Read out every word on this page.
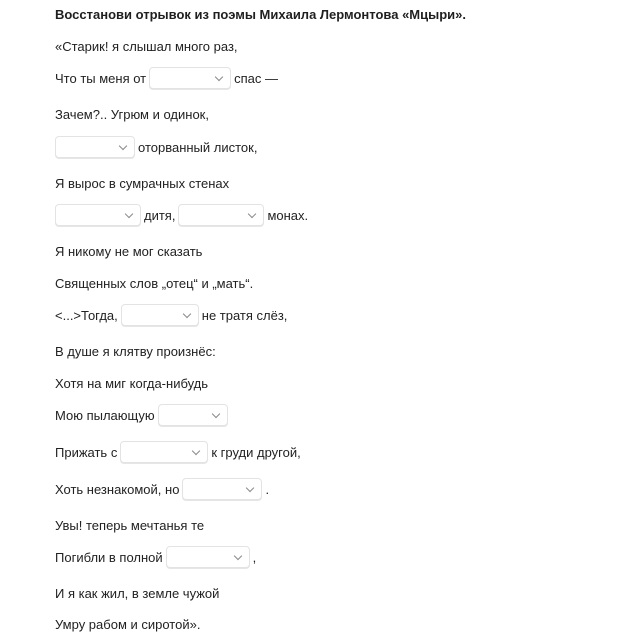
Восстанови отрывок из поэмы Михаила Лермонтова «Мцыри».
«Старик! я слышал много раз,
Что ты меня от	спас —
Зачем?.. Угрюм и одинок,
оторванный листок,
Я вырос в сумрачных стенах
дитя,	монах.
Я никому не мог сказать
Священных слов „отец“ и „мать“.
<...>Тогда,	не тратя слёз,
В душе я клятву произнёс:
Хотя на миг когда-нибудь
Мою пылающую
Прижать с	к груди другой,
Хоть незнакомой, но	.
Увы! теперь мечтанья те
Погибли в полной	,
И я как жил, в земле чужой
Умру рабом и сиротой».
